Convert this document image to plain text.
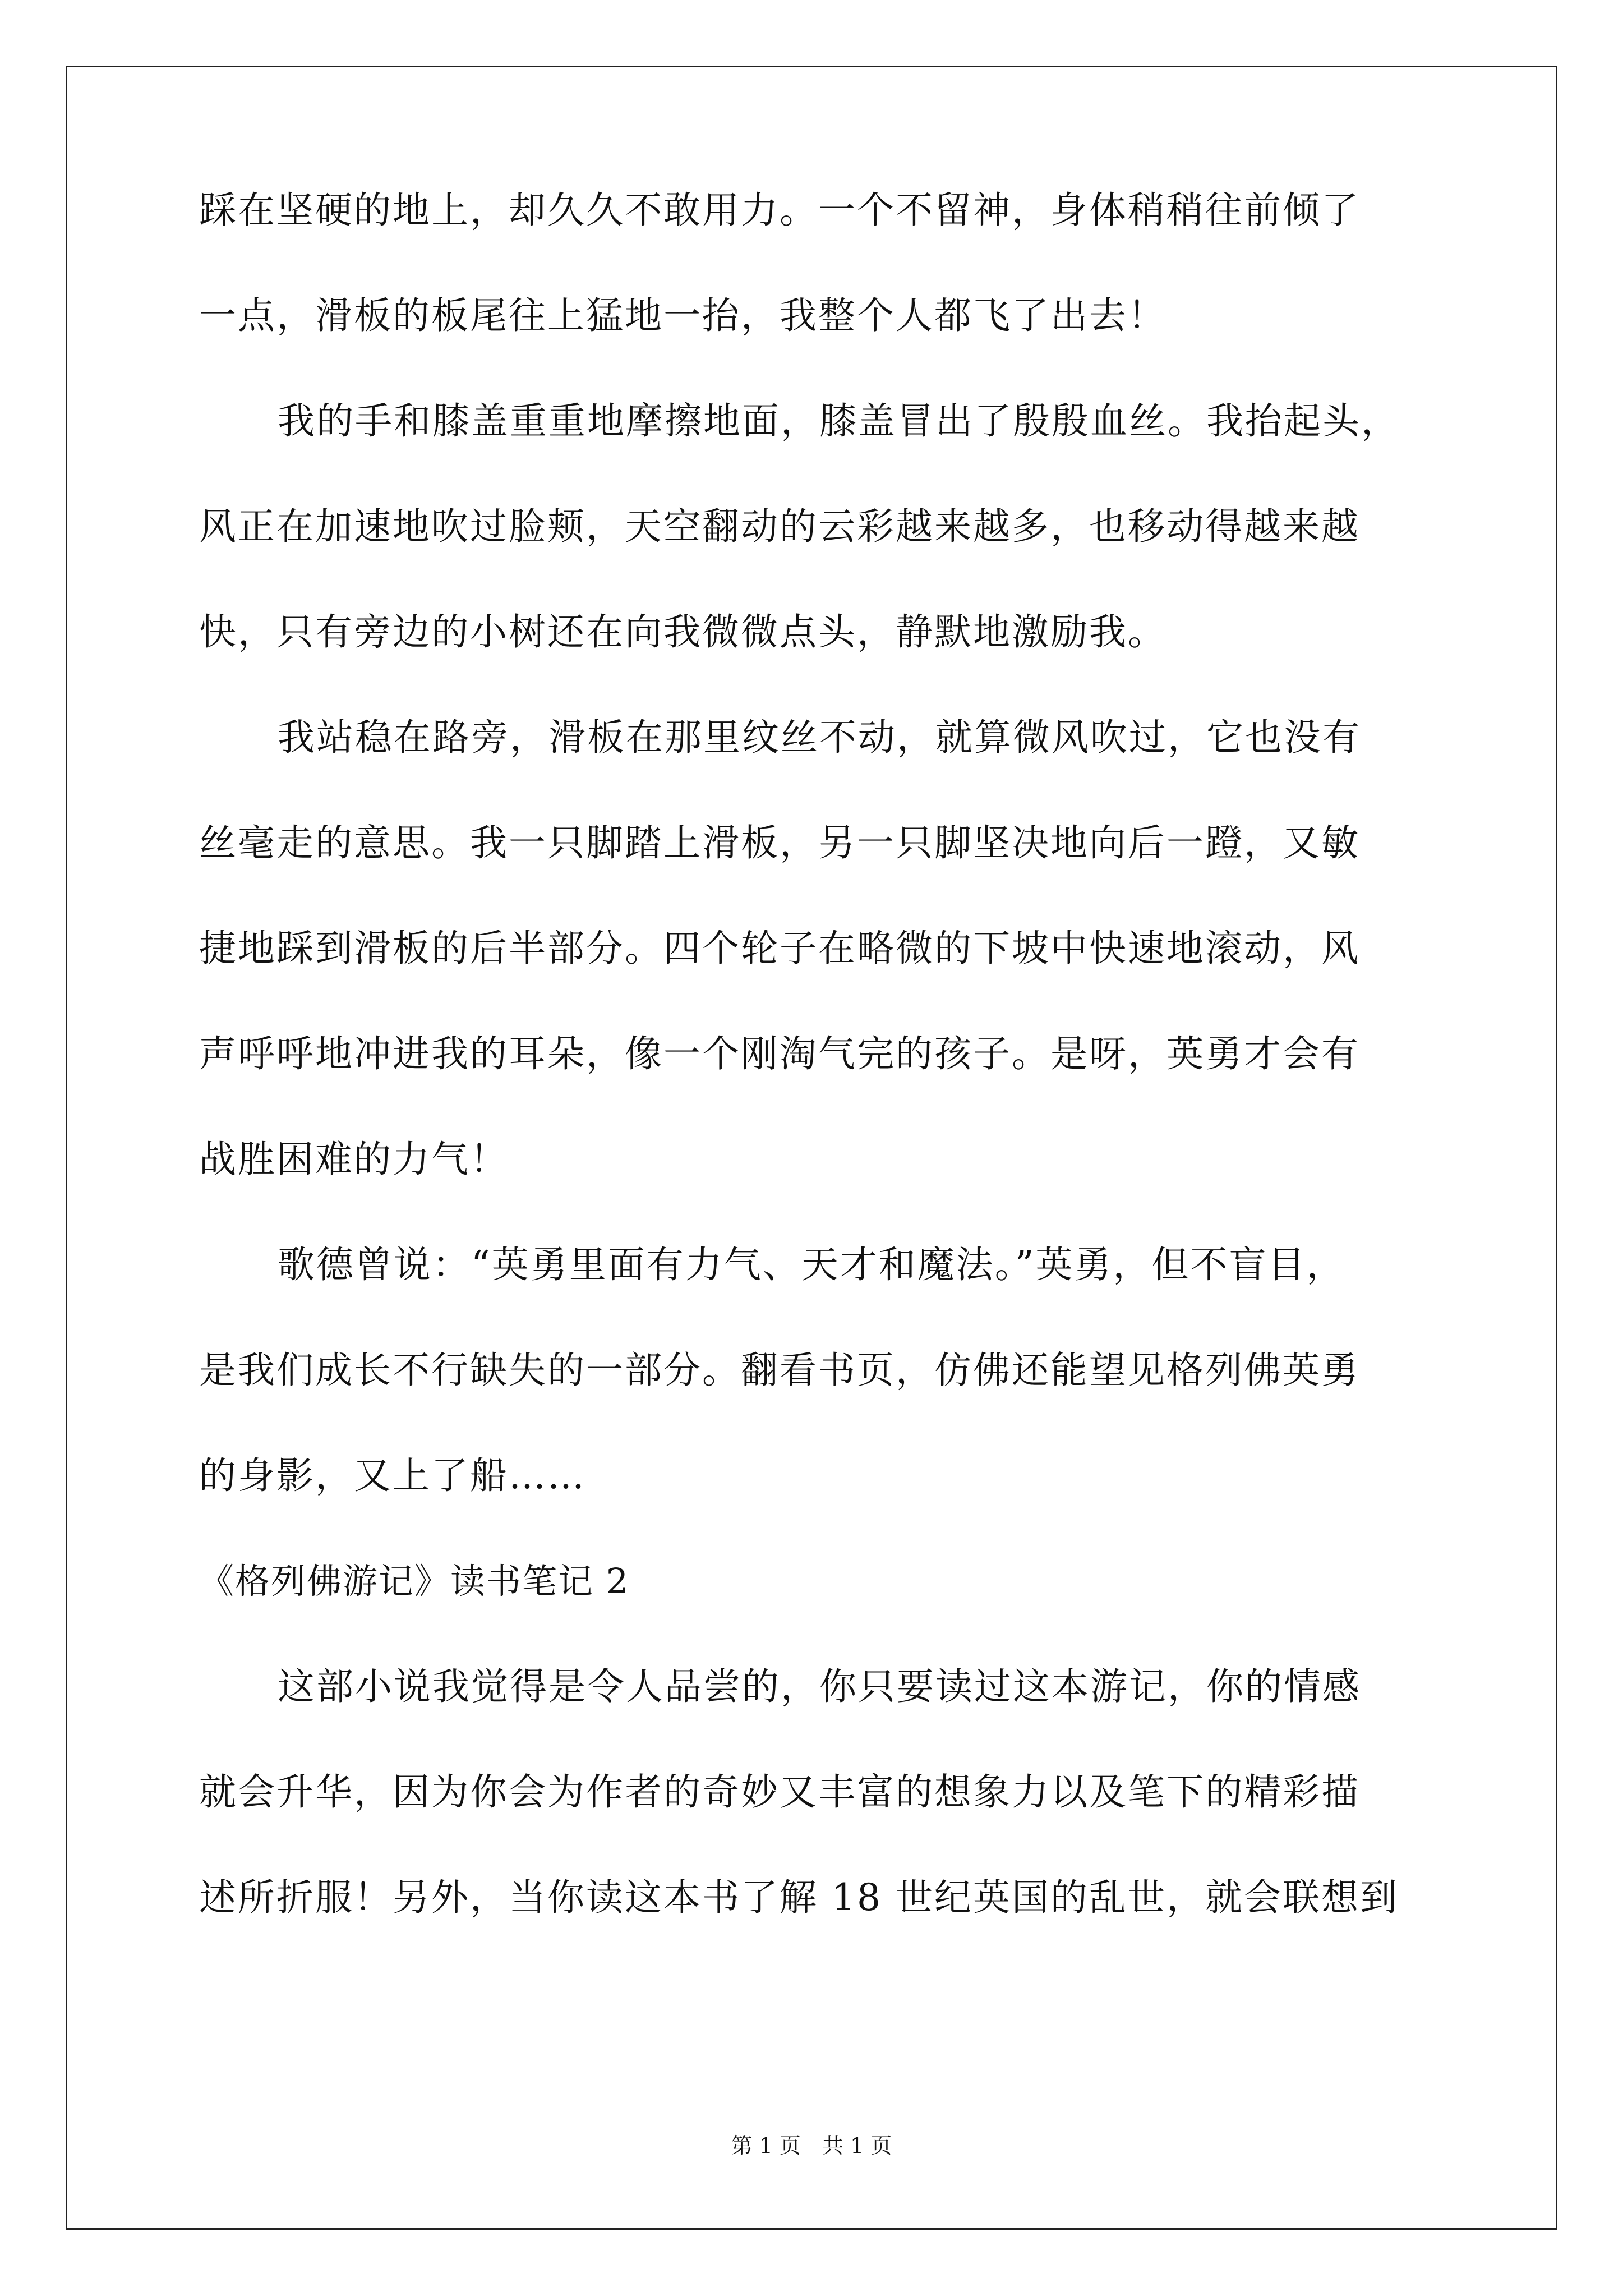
踩在坚硬的地上，却久久不敢用力。一个不留神，身体稍稍往前倾了
一点，滑板的板尾往上猛地一抬，我整个人都飞了出去！
我的手和膝盖重重地摩擦地面，膝盖冒出了殷殷血丝。我抬起头，
风正在加速地吹过脸颊，天空翻动的云彩越来越多，也移动得越来越
快，只有旁边的小树还在向我微微点头，静默地激励我。
我站稳在路旁，滑板在那里纹丝不动，就算微风吹过，它也没有
丝毫走的意思。我一只脚踏上滑板，另一只脚坚决地向后一蹬，又敏
捷地踩到滑板的后半部分。四个轮子在略微的下坡中快速地滚动，风
声呼呼地冲进我的耳朵，像一个刚淘气完的孩子。是呀，英勇才会有
战胜困难的力气！
歌德曾说：“英勇里面有力气、天才和魔法。”英勇，但不盲目，
是我们成长不行缺失的一部分。翻看书页，仿佛还能望见格列佛英勇
的身影，又上了船……
《格列佛游记》读书笔记 2
这部小说我觉得是令人品尝的，你只要读过这本游记，你的情感
就会升华，因为你会为作者的奇妙又丰富的想象力以及笔下的精彩描
述所折服！另外，当你读这本书了解 18 世纪英国的乱世，就会联想到
第 1 页　共 1 页
